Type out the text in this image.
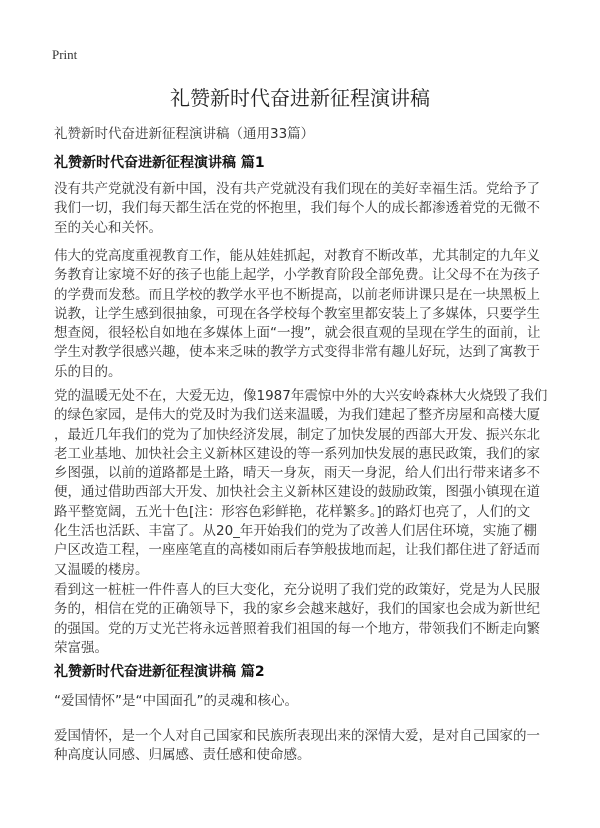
Print
礼赞新时代奋进新征程演讲稿
礼赞新时代奋进新征程演讲稿（通用33篇）
礼赞新时代奋进新征程演讲稿 篇1
没有共产党就没有新中国，没有共产党就没有我们现在的美好幸福生活。党给予了
我们一切，我们每天都生活在党的怀抱里，我们每个人的成长都渗透着党的无微不
至的关心和关怀。
伟大的党高度重视教育工作，能从娃娃抓起，对教育不断改革，尤其制定的九年义
务教育让家境不好的孩子也能上起学，小学教育阶段全部免费。让父母不在为孩子
的学费而发愁。而且学校的教学水平也不断提高，以前老师讲课只是在一块黑板上
说教，让学生感到很抽象，可现在各学校每个教室里都安装上了多媒体，只要学生
想查阅，很轻松自如地在多媒体上面“一搜”，就会很直观的呈现在学生的面前，让
学生对教学很感兴趣，使本来乏味的教学方式变得非常有趣儿好玩，达到了寓教于
乐的目的。
党的温暖无处不在，大爱无边，像1987年震惊中外的大兴安岭森林大火烧毁了我们
的绿色家园，是伟大的党及时为我们送来温暖，为我们建起了整齐房屋和高楼大厦
，最近几年我们的党为了加快经济发展，制定了加快发展的西部大开发、振兴东北
老工业基地、加快社会主义新林区建设的等一系列加快发展的惠民政策，我们的家
乡图强，以前的道路都是土路，晴天一身灰，雨天一身泥，给人们出行带来诸多不
便，通过借助西部大开发、加快社会主义新林区建设的鼓励政策，图强小镇现在道
路平整宽阔，五光十色[注：形容色彩鲜艳，花样繁多。]的路灯也亮了，人们的文
化生活也活跃、丰富了。从20_年开始我们的党为了改善人们居住环境，实施了棚
户区改造工程，一座座笔直的高楼如雨后春笋般拔地而起，让我们都住进了舒适而
又温暖的楼房。
看到这一桩桩一件件喜人的巨大变化，充分说明了我们党的政策好，党是为人民服
务的，相信在党的正确领导下，我的家乡会越来越好，我们的国家也会成为新世纪
的强国。党的万丈光芒将永远普照着我们祖国的每一个地方，带领我们不断走向繁
荣富强。
礼赞新时代奋进新征程演讲稿 篇2
“爱国情怀”是“中国面孔”的灵魂和核心。
爱国情怀，是一个人对自己国家和民族所表现出来的深情大爱，是对自己国家的一
种高度认同感、归属感、责任感和使命感。
